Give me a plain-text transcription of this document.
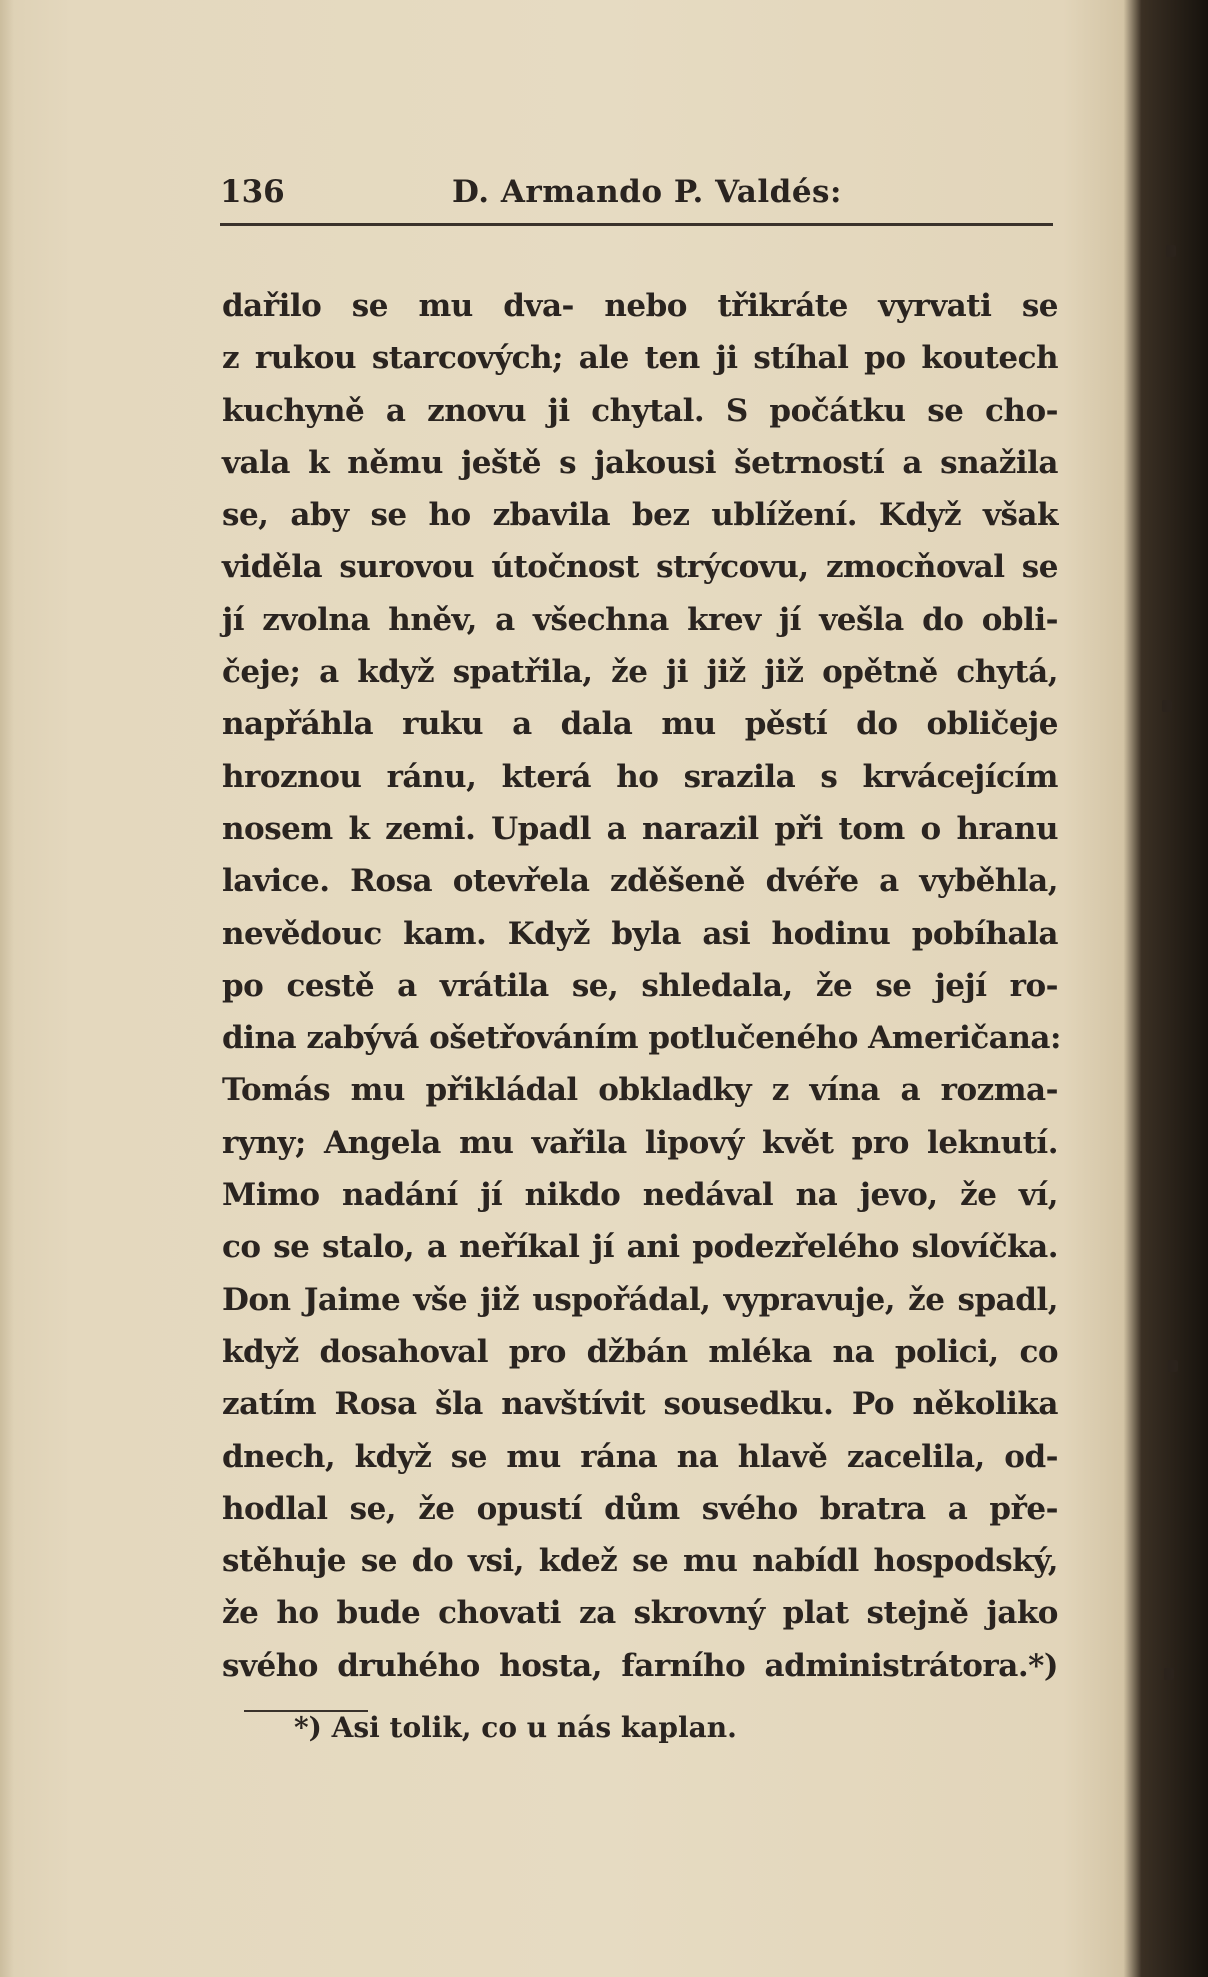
136	D. Armando P. Valdés:
dařilo se mu dva- nebo třikráte vyrvati se
z rukou starcových; ale ten ji stíhal po koutech
kuchyně a znovu ji chytal. S počátku se cho-
vala k němu ještě s jakousi šetrností a snažila
se, aby se ho zbavila bez ublížení. Když však
viděla surovou útočnost strýcovu, zmocňoval se
jí zvolna hněv, a všechna krev jí vešla do obli-
čeje; a když spatřila, že ji již již opětně chytá,
napřáhla ruku a dala mu pěstí do obličeje
hroznou ránu, která ho srazila s krvácejícím
nosem k zemi. Upadl a narazil při tom o hranu
lavice. Rosa otevřela zděšeně dvéře a vyběhla,
nevědouc kam. Když byla asi hodinu pobíhala
po cestě a vrátila se, shledala, že se její ro-
dina zabývá ošetřováním potlučeného Američana:
Tomás mu přikládal obkladky z vína a rozma-
ryny; Angela mu vařila lipový květ pro leknutí.
Mimo nadání jí nikdo nedával na jevo, že ví,
co se stalo, a neříkal jí ani podezřelého slovíčka.
Don Jaime vše již uspořádal, vypravuje, že spadl,
když dosahoval pro džbán mléka na polici, co
zatím Rosa šla navštívit sousedku. Po několika
dnech, když se mu rána na hlavě zacelila, od-
hodlal se, že opustí dům svého bratra a pře-
stěhuje se do vsi, kdež se mu nabídl hospodský,
že ho bude chovati za skrovný plat stejně jako
svého druhého hosta, farního administrátora.*)
*) Asi tolik, co u nás kaplan.
